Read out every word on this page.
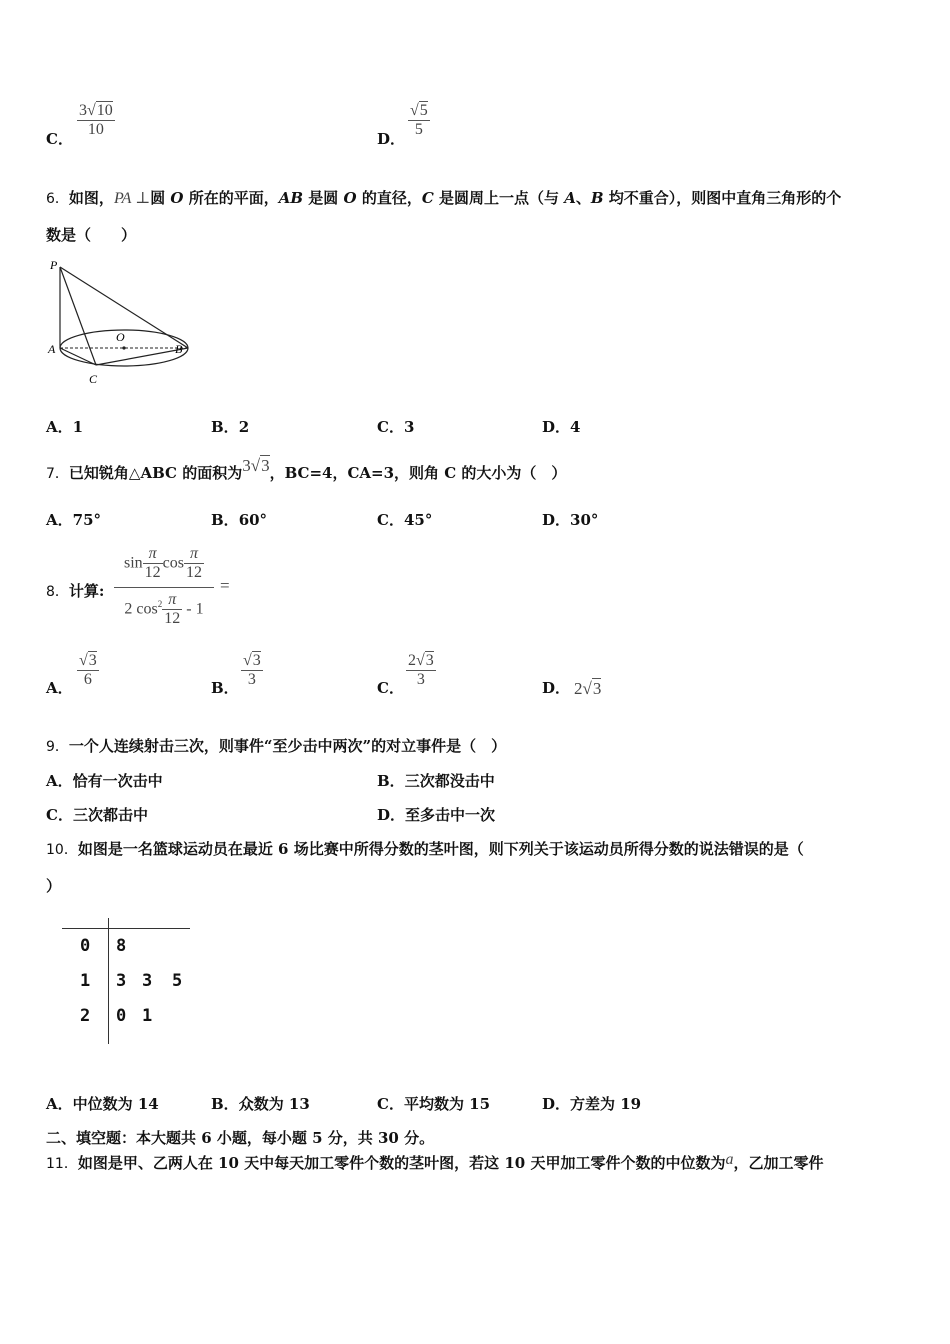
C． $\frac{3√10}{10}$	D． $\frac{√5}{5}$
6．如图，PA ⊥圆 O 所在的平面，AB 是圆 O 的直径，C 是圆周上一点（与 A、B 均不重合），则图中直角三角形的个
数是（　　）
P
O
A	B
C
A．1	B．2	C．3	D．4
7．已知锐角△ABC 的面积为3√3，BC=4，CA=3，则角 C 的大小为（　）
A．75°	B．60°	C．45°	D．30°
8．计算:
$\sin \frac{\pi}{12}$ $\cos \frac{\pi}{12}$
2 $\cos^2 \frac{\pi}{12} - 1$
=
A． $\frac{√3}{6}$	B． $\frac{√3}{3}$	C． $\frac{2√3}{3}$	D． 2√3
9．一个人连续射击三次，则事件“至少击中两次”的对立事件是（　）
A．恰有一次击中	B．三次都没击中
C．三次都击中	D．至多击中一次
10．如图是一名篮球运动员在最近 6 场比赛中所得分数的茎叶图，则下列关于该运动员所得分数的说法错误的是（
）
0 8
1 3 3 5
2 0 1
A．中位数为 14	B．众数为 13	C．平均数为 15	D．方差为 19
二、填空题：本大题共 6 小题，每小题 5 分，共 30 分。
11．如图是甲、乙两人在 10 天中每天加工零件个数的茎叶图，若这 10 天甲加工零件个数的中位数为a，乙加工零件
